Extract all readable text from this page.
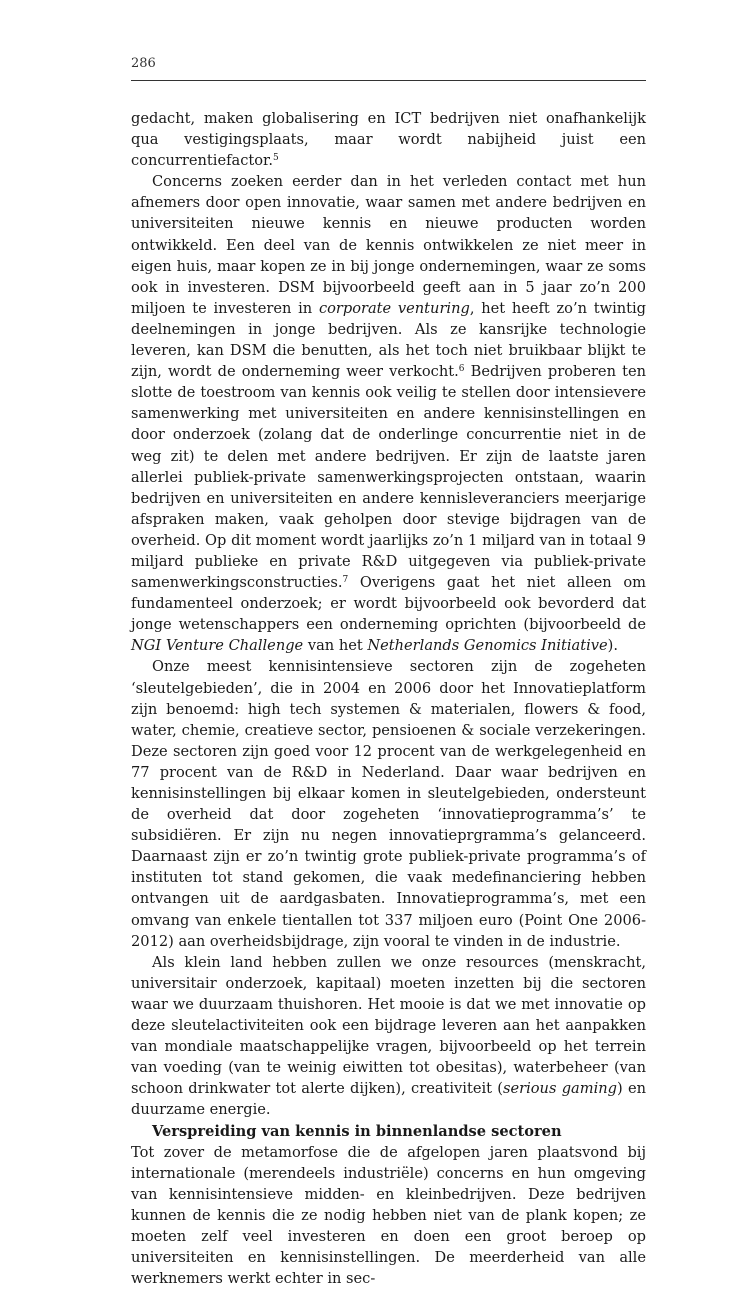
286

gedacht, maken globalisering en ICT bedrijven niet onafhankelijk qua vestigingsplaats, maar wordt nabijheid juist een concurrentiefactor.$^5$

Concerns zoeken eerder dan in het verleden contact met hun afnemers door open innovatie, waar samen met andere bedrijven en universiteiten nieuwe kennis en nieuwe producten worden ontwikkeld. Een deel van de kennis ontwikkelen ze niet meer in eigen huis, maar kopen ze in bij jonge ondernemingen, waar ze soms ook in investeren. DSM bijvoorbeeld geeft aan in 5 jaar zo’n 200 miljoen te investeren in corporate venturing, het heeft zo’n twintig deelnemingen in jonge bedrijven. Als ze kansrijke technologie leveren, kan DSM die benutten, als het toch niet bruikbaar blijkt te zijn, wordt de onderneming weer verkocht.$^6$ Bedrijven proberen ten slotte de toestroom van kennis ook veilig te stellen door intensievere samenwerking met universiteiten en andere kennisinstellingen en door onderzoek (zolang dat de onderlinge concurrentie niet in de weg zit) te delen met andere bedrijven. Er zijn de laatste jaren allerlei publiek-private samenwerkingsprojecten ontstaan, waarin bedrijven en universiteiten en andere kennisleveranciers meerjarige afspraken maken, vaak geholpen door stevige bijdragen van de overheid. Op dit moment wordt jaarlijks zo’n 1 miljard van in totaal 9 miljard publieke en private R&D uitgegeven via publiek-private samenwerkingsconstructies.$^7$ Overigens gaat het niet alleen om fundamenteel onderzoek; er wordt bijvoorbeeld ook bevorderd dat jonge wetenschappers een onderneming oprichten (bijvoorbeeld de NGI Venture Challenge van het Netherlands Genomics Initiative).

Onze meest kennisintensieve sectoren zijn de zogeheten ‘sleutelgebieden’, die in 2004 en 2006 door het Innovatieplatform zijn benoemd: high tech systemen & materialen, flowers & food, water, chemie, creatieve sector, pensioenen & sociale verzekeringen. Deze sectoren zijn goed voor 12 procent van de werkgelegenheid en 77 procent van de R&D in Nederland. Daar waar bedrijven en kennisinstellingen bij elkaar komen in sleutelgebieden, ondersteunt de overheid dat door zogeheten ‘innovatieprogramma’s’ te subsidiëren. Er zijn nu negen innovatieprgramma’s gelanceerd. Daarnaast zijn er zo’n twintig grote publiek-private programma’s of instituten tot stand gekomen, die vaak medefinanciering hebben ontvangen uit de aardgasbaten. Innovatieprogramma’s, met een omvang van enkele tientallen tot 337 miljoen euro (Point One 2006-2012) aan overheidsbijdrage, zijn vooral te vinden in de industrie.

Als klein land hebben zullen we onze resources (menskracht, universitair onderzoek, kapitaal) moeten inzetten bij die sectoren waar we duurzaam thuishoren. Het mooie is dat we met innovatie op deze sleutelactiviteiten ook een bijdrage leveren aan het aanpakken van mondiale maatschappelijke vragen, bijvoorbeeld op het terrein van voeding (van te weinig eiwitten tot obesitas), waterbeheer (van schoon drinkwater tot alerte dijken), creativiteit (serious gaming) en duurzame energie.

Verspreiding van kennis in binnenlandse sectoren

Tot zover de metamorfose die de afgelopen jaren plaatsvond bij internationale (merendeels industriële) concerns en hun omgeving van kennisintensieve midden- en kleinbedrijven. Deze bedrijven kunnen de kennis die ze nodig hebben niet van de plank kopen; ze moeten zelf veel investeren en doen een groot beroep op universiteiten en kennisinstellingen. De meerderheid van alle werknemers werkt echter in sec-
